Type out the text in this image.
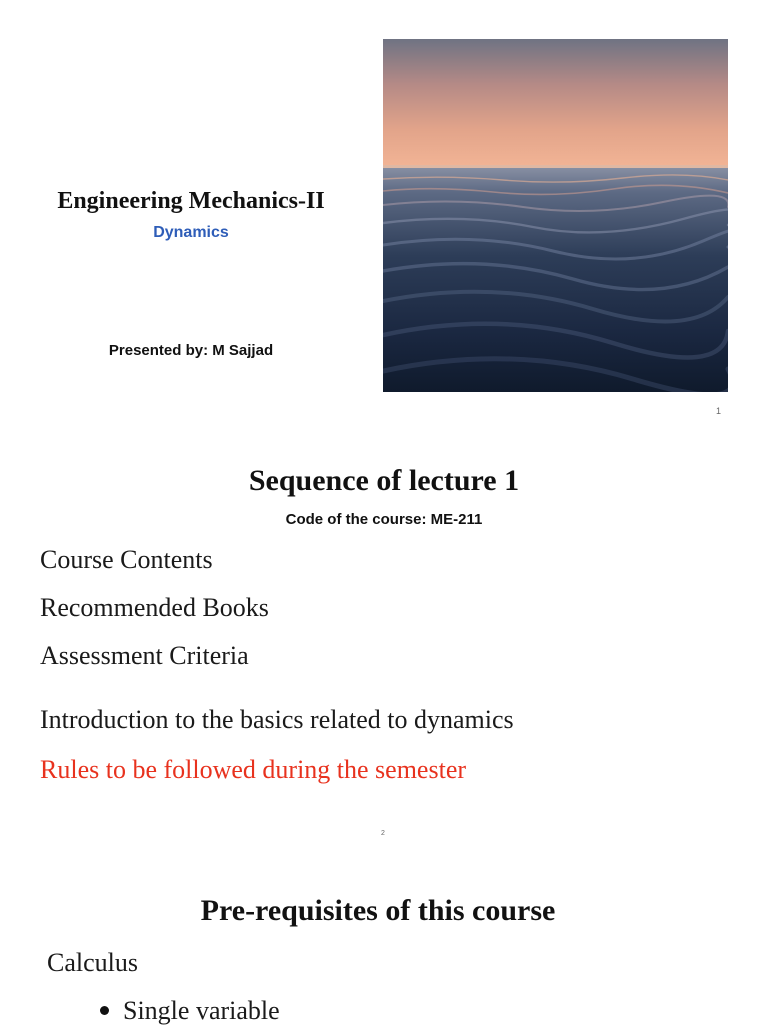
Engineering Mechanics-II
Dynamics
Presented by: M Sajjad
1
Sequence of lecture 1
Code of the course: ME-211
Course Contents
Recommended Books
Assessment Criteria
Introduction to the basics related to dynamics
Rules to be followed during the semester
2
Pre-requisites of this course
Calculus
Single variable
